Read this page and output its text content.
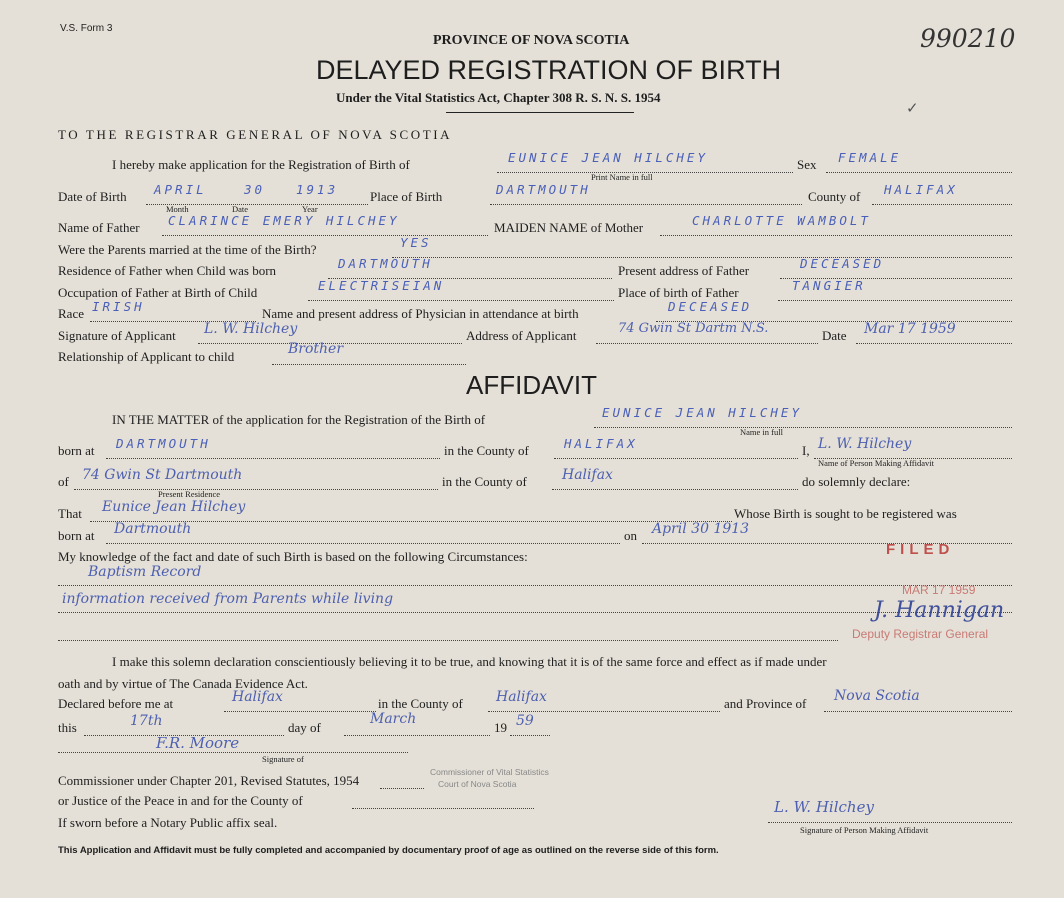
V.S. Form 3
PROVINCE OF NOVA SCOTIA
DELAYED REGISTRATION OF BIRTH
Under the Vital Statistics Act, Chapter 308 R. S. N. S. 1954
990210
✓
TO THE REGISTRAR GENERAL OF NOVA SCOTIA
I hereby make application for the Registration of Birth of	EUNICE JEAN HILCHEY	Sex FEMALE
Print Name in full
Date of Birth APRIL	30 1913
Month	Date	Year
Place of Birth	DARTMOUTH	County of HALIFAX
Name of Father CLARINCE EMERY HILCHEY	MAIDEN NAME of Mother	CHARLOTTE WAMBOLT
Were the Parents married at the time of the Birth?	YES
Residence of Father when Child was born	DARTMOUTH	Present address of Father	DECEASED
Occupation of Father at Birth of Child	ELECTRISEIAN	Place of birth of Father	TANGIER
Race IRISH	Name and present address of Physician in attendance at birth	DECEASED
Signature of Applicant L. W. Hilchey	Address of Applicant	74 Gwin St Dartm N.S.	Date Mar 17 1959
Relationship of Applicant to child	Brother
AFFIDAVIT
IN THE MATTER of the application for the Registration of the Birth of	EUNICE JEAN HILCHEY
Name in full
born at DARTMOUTH	in the County of	HALIFAX	I, L. W. Hilchey
Name of Person Making Affidavit
of 74 Gwin St Dartmouth
Present Residence
in the County of	Halifax	do solemnly declare:
That Eunice Jean Hilchey	Whose Birth is sought to be registered was
born at Dartmouth	on April 30 1913
My knowledge of the fact and date of such Birth is based on the following Circumstances:
Baptism Record
information received from Parents while living
FILED
MAR 17 1959
Deputy Registrar General
J. Hannigan
I make this solemn declaration conscientiously believing it to be true, and knowing that it is of the same force and effect as if made under
oath and by virtue of The Canada Evidence Act.
Declared before me at	Halifax	in the County of Halifax	and Province of Nova Scotia
this	17th	day of
March
19 59
F.R. Moore
Signature of
Commissioner under Chapter 201, Revised Statutes, 1954
Commissioner of Vital Statistics
Court of Nova Scotia
or Justice of the Peace in and for the County of
If sworn before a Notary Public affix seal.
L. W. Hilchey
Signature of Person Making Affidavit
This Application and Affidavit must be fully completed and accompanied by documentary proof of age as outlined on the reverse side of this form.
